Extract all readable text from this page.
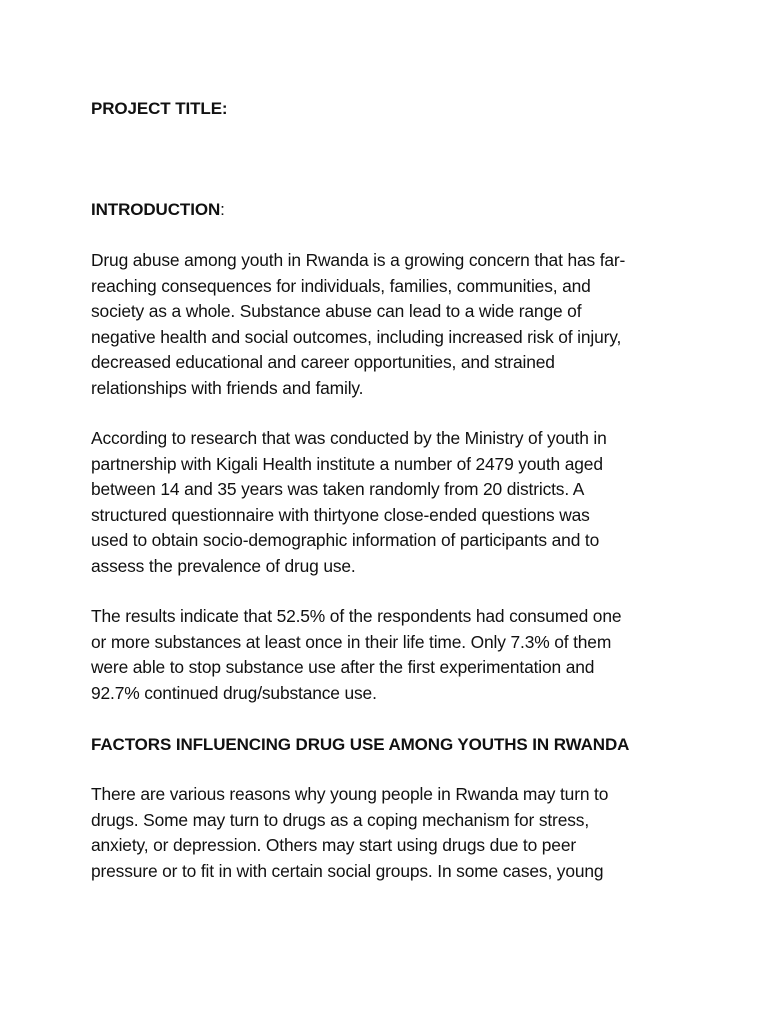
PROJECT TITLE:

INTRODUCTION:

Drug abuse among youth in Rwanda is a growing concern that has far-
reaching consequences for individuals, families, communities, and
society as a whole. Substance abuse can lead to a wide range of
negative health and social outcomes, including increased risk of injury,
decreased educational and career opportunities, and strained
relationships with friends and family.

According to research that was conducted by the Ministry of youth in
partnership with Kigali Health institute a number of 2479 youth aged
between 14 and 35 years was taken randomly from 20 districts. A
structured questionnaire with thirtyone close-ended questions was
used to obtain socio-demographic information of participants and to
assess the prevalence of drug use.

The results indicate that 52.5% of the respondents had consumed one
or more substances at least once in their life time. Only 7.3% of them
were able to stop substance use after the first experimentation and
92.7% continued drug/substance use.

FACTORS INFLUENCING DRUG USE AMONG YOUTHS IN RWANDA

There are various reasons why young people in Rwanda may turn to
drugs. Some may turn to drugs as a coping mechanism for stress,
anxiety, or depression. Others may start using drugs due to peer
pressure or to fit in with certain social groups. In some cases, young
